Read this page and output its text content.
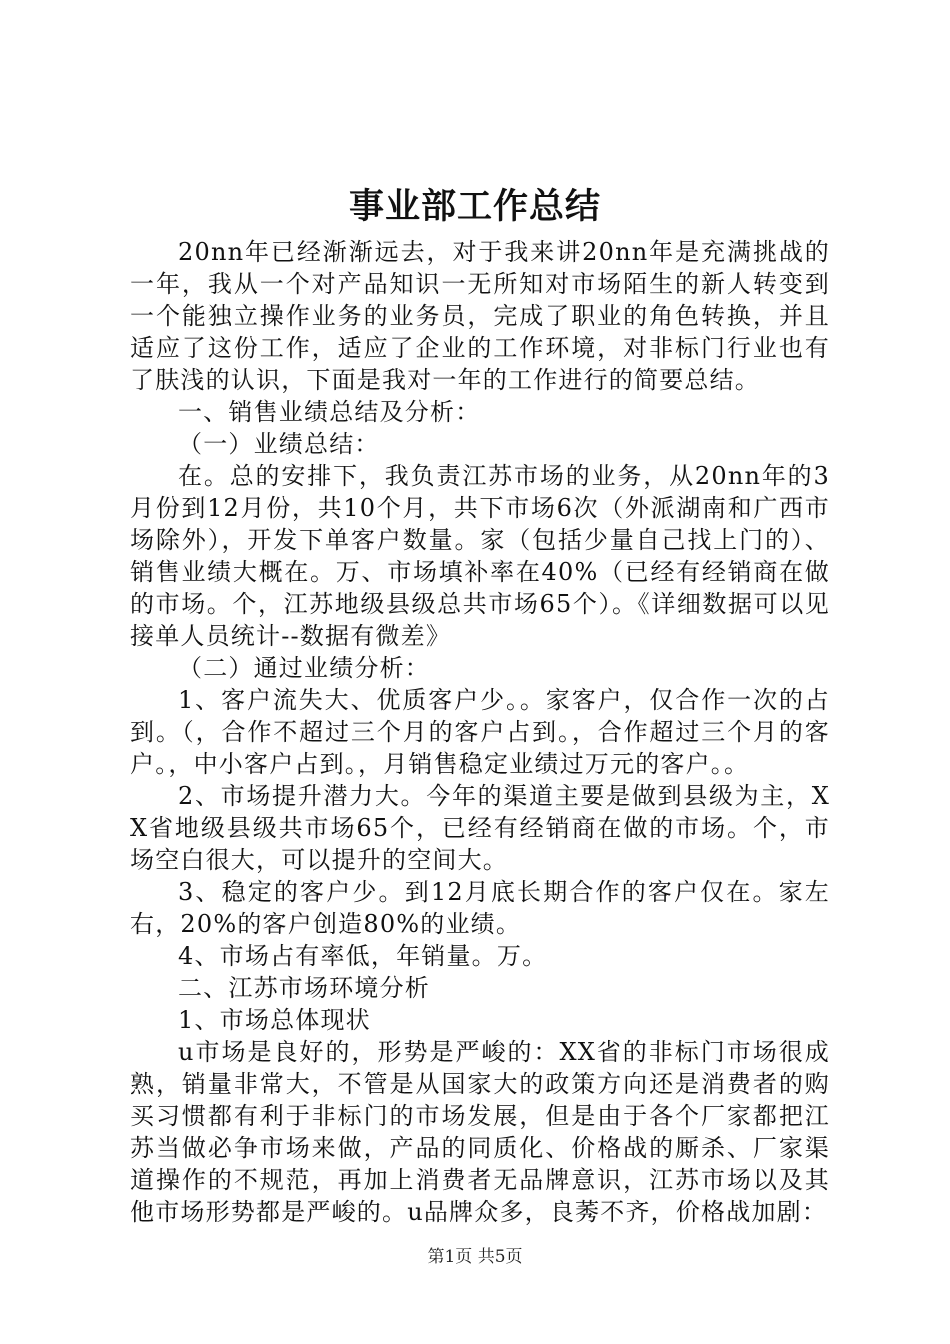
事业部工作总结

20nn年已经渐渐远去，对于我来讲20nn年是充满挑战的一年，我从一个对产品知识一无所知对市场陌生的新人转变到一个能独立操作业务的业务员，完成了职业的角色转换，并且适应了这份工作，适应了企业的工作环境，对非标门行业也有了肤浅的认识，下面是我对一年的工作进行的简要总结。

一、销售业绩总结及分析：

（一）业绩总结：

在。总的安排下，我负责江苏市场的业务，从20nn年的3月份到12月份，共10个月，共下市场6次（外派湖南和广西市场除外），开发下单客户数量。家（包括少量自己找上门的）、销售业绩大概在。万、市场填补率在40%（已经有经销商在做的市场。个，江苏地级县级总共市场65个）。《详细数据可以见接单人员统计--数据有微差》

（二）通过业绩分析：

1、客户流失大、优质客户少。。家客户，仅合作一次的占到。（，合作不超过三个月的客户占到。，合作超过三个月的客户。，中小客户占到。，月销售稳定业绩过万元的客户。。

2、市场提升潜力大。今年的渠道主要是做到县级为主，XX省地级县级共市场65个，已经有经销商在做的市场。个，市场空白很大，可以提升的空间大。

3、稳定的客户少。到12月底长期合作的客户仅在。家左右，20%的客户创造80%的业绩。

4、市场占有率低，年销量。万。

二、江苏市场环境分析

1、市场总体现状

u市场是良好的，形势是严峻的：XX省的非标门市场很成熟，销量非常大，不管是从国家大的政策方向还是消费者的购买习惯都有利于非标门的市场发展，但是由于各个厂家都把江苏当做必争市场来做，产品的同质化、价格战的厮杀、厂家渠道操作的不规范，再加上消费者无品牌意识，江苏市场以及其他市场形势都是严峻的。u品牌众多，良莠不齐，价格战加剧：

第1页 共5页
